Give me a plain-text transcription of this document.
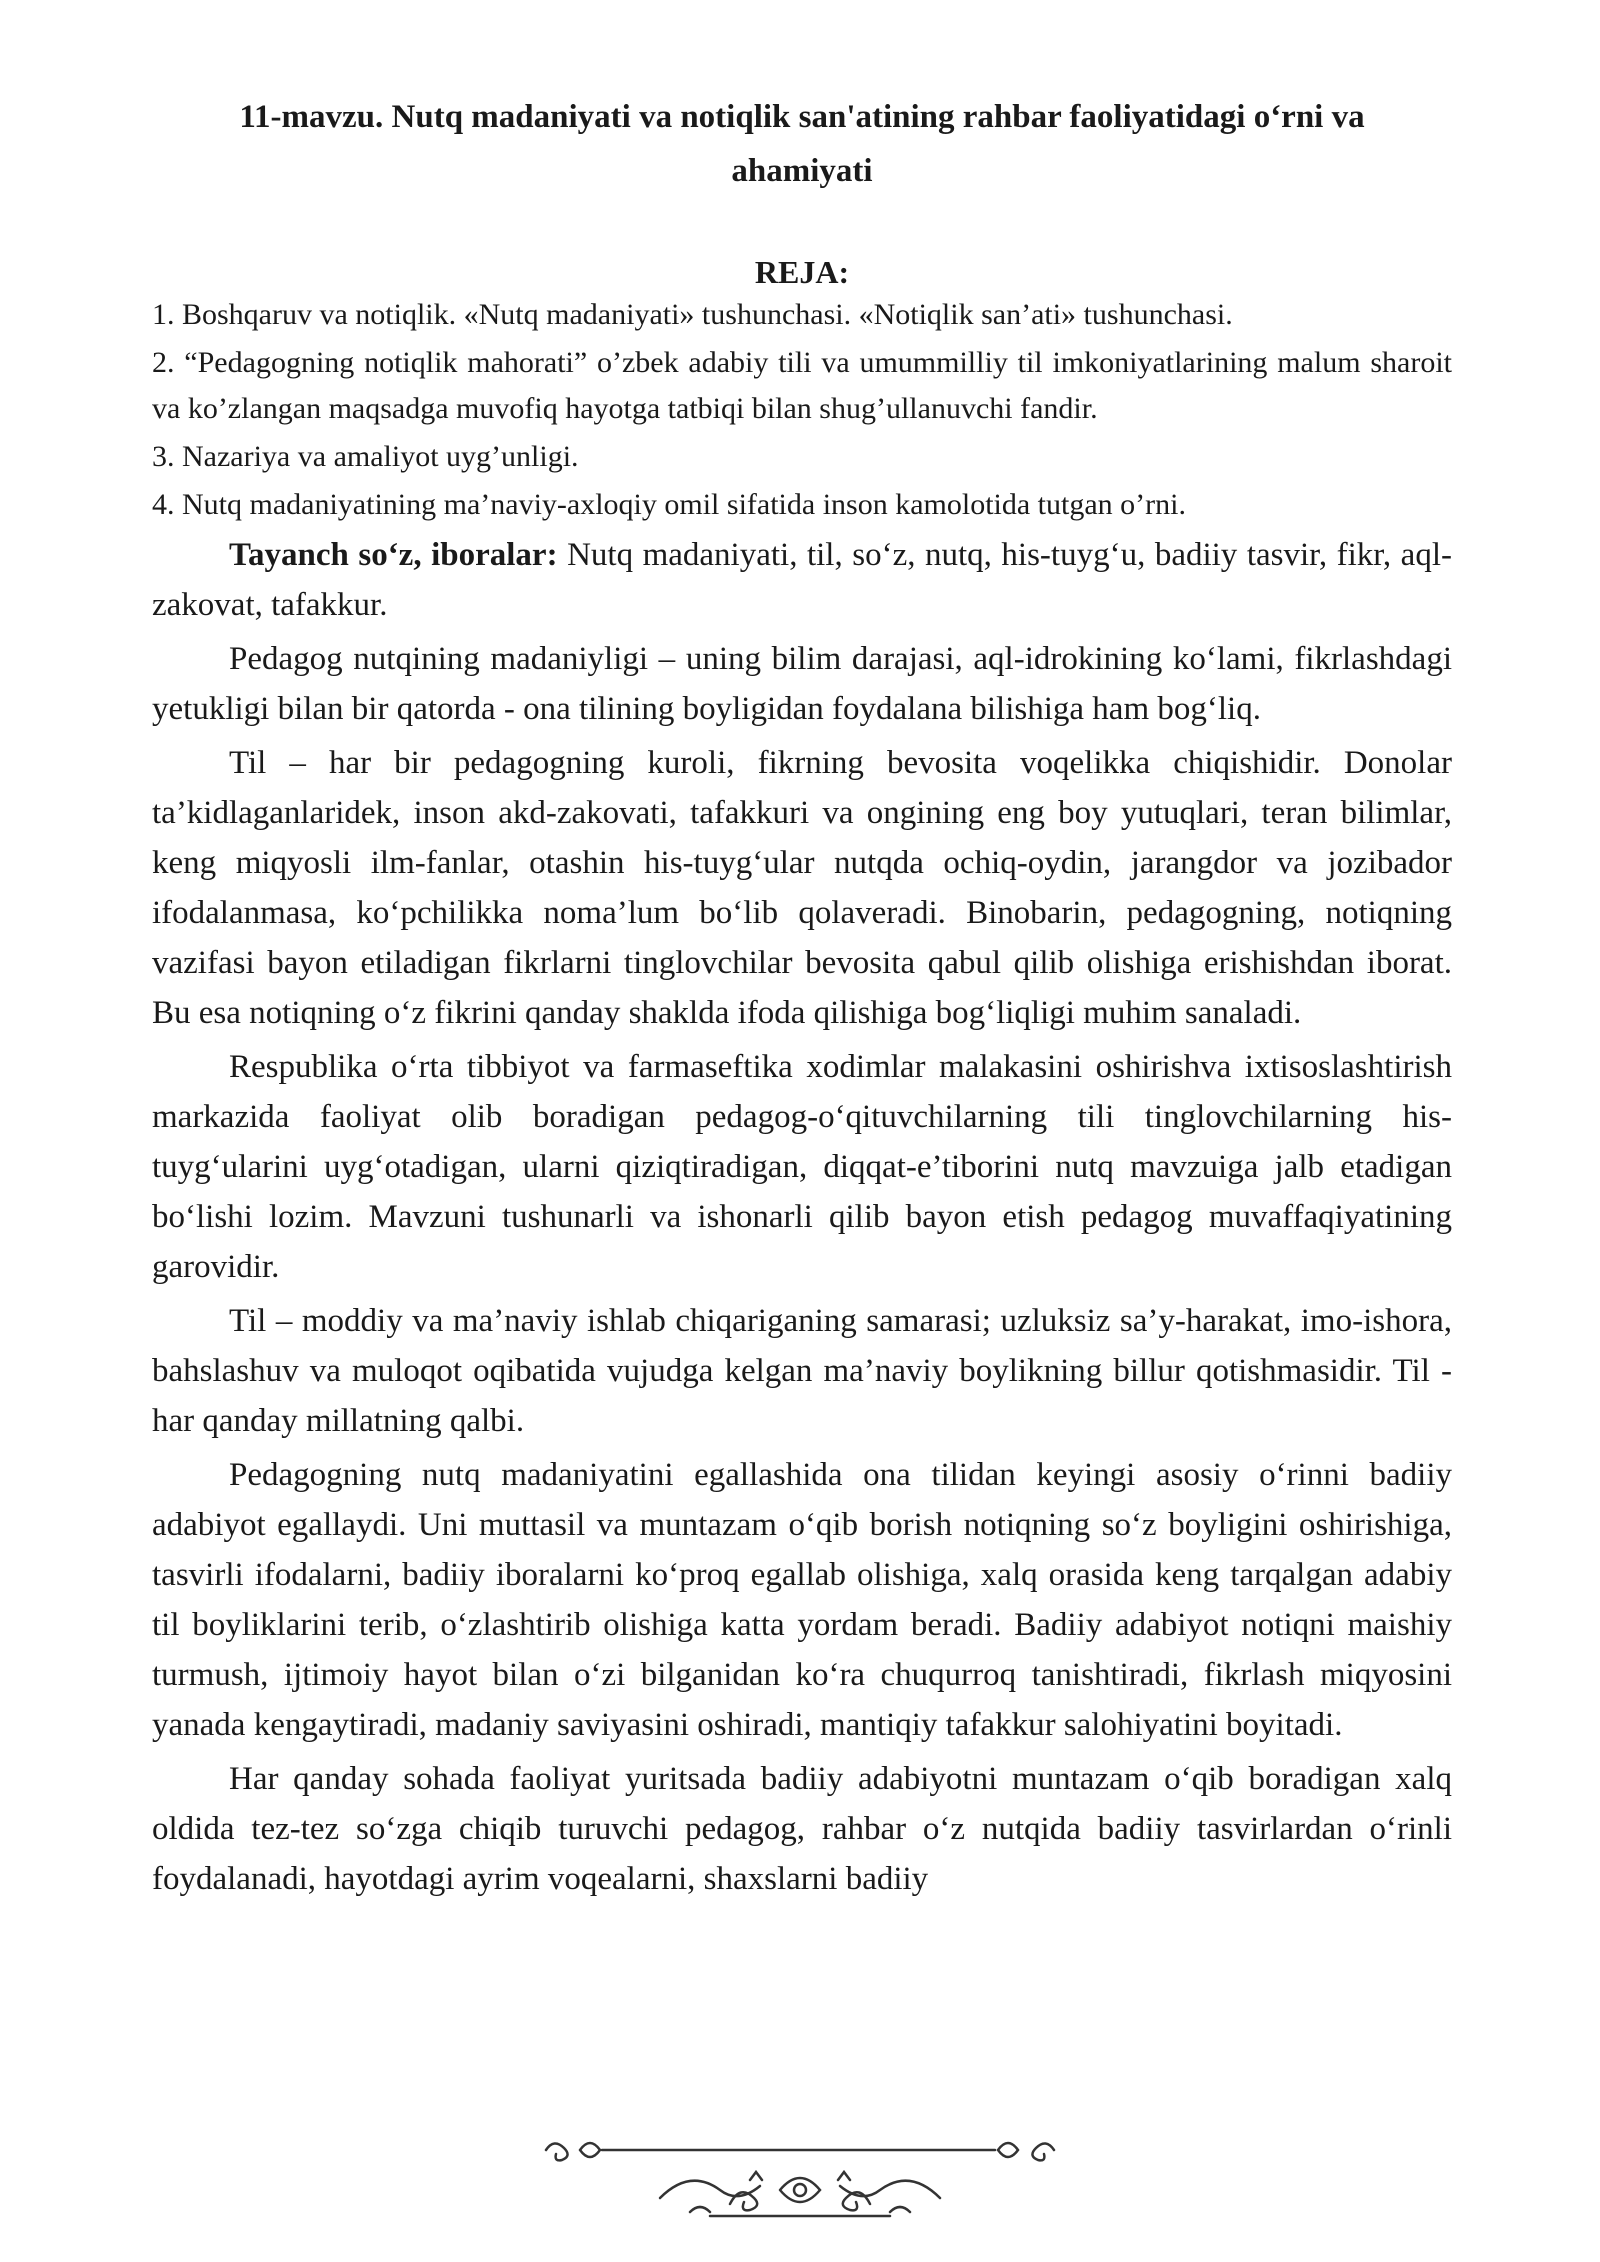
11-mavzu. Nutq madaniyati va notiqlik san'atining rahbar faoliyatidagi o‘rni va ahamiyati
REJA:
1. Boshqaruv va notiqlik. «Nutq madaniyati» tushunchasi. «Notiqlik san’ati» tushunchasi.
2. “Pedagogning notiqlik mahorati” o’zbek adabiy tili va umummilliy til imkoniyatlarining malum sharoit va ko’zlangan maqsadga muvofiq hayotga tatbiqi bilan shug’ullanuvchi fandir.
3. Nazariya va amaliyot uyg’unligi.
4. Nutq madaniyatining ma’naviy-axloqiy omil sifatida inson kamolotida tutgan o’rni.

Tayanch so‘z, iboralar: Nutq madaniyati, til, so‘z, nutq, his-tuyg‘u, badiiy tasvir, fikr, aql-zakovat, tafakkur.

Pedagog nutqining madaniyligi – uning bilim darajasi, aql-idrokining ko‘lami, fikrlashdagi yetukligi bilan bir qatorda - ona tilining boyligidan foydalana bilishiga ham bog‘liq.

Til – har bir pedagogning kuroli, fikrning bevosita voqelikka chiqishidir. Donolar ta’kidlaganlaridek, inson akd-zakovati, tafakkuri va ongining eng boy yutuqlari, teran bilimlar, keng miqyosli ilm-fanlar, otashin his-tuyg‘ular nutqda ochiq-oydin, jarangdor va jozibador ifodalanmasa, ko‘pchilikka noma’lum bo‘lib qolaveradi. Binobarin, pedagogning, notiqning vazifasi bayon etiladigan fikrlarni tinglovchilar bevosita qabul qilib olishiga erishishdan iborat. Bu esa notiqning o‘z fikrini qanday shaklda ifoda qilishiga bog‘liqligi muhim sanaladi.

Respublika o‘rta tibbiyot va farmaseftika xodimlar malakasini oshirishva ixtisoslashtirish markazida faoliyat olib boradigan pedagog-o‘qituvchilarning tili tinglovchilarning his-tuyg‘ularini uyg‘otadigan, ularni qiziqtiradigan, diqqat-e’tiborini nutq mavzuiga jalb etadigan bo‘lishi lozim. Mavzuni tushunarli va ishonarli qilib bayon etish pedagog muvaffaqiyatining garovidir.

Til – moddiy va ma’naviy ishlab chiqariganing samarasi; uzluksiz sa’y-harakat, imo-ishora, bahslashuv va muloqot oqibatida vujudga kelgan ma’naviy boylikning billur qotishmasidir. Til - har qanday millatning qalbi.

Pedagogning nutq madaniyatini egallashida ona tilidan keyingi asosiy o‘rinni badiiy adabiyot egallaydi. Uni muttasil va muntazam o‘qib borish notiqning so‘z boyligini oshirishiga, tasvirli ifodalarni, badiiy iboralarni ko‘proq egallab olishiga, xalq orasida keng tarqalgan adabiy til boyliklarini terib, o‘zlashtirib olishiga katta yordam beradi. Badiiy adabiyot notiqni maishiy turmush, ijtimoiy hayot bilan o‘zi bilganidan ko‘ra chuqurroq tanishtiradi, fikrlash miqyosini yanada kengaytiradi, madaniy saviyasini oshiradi, mantiqiy tafakkur salohiyatini boyitadi.

Har qanday sohada faoliyat yuritsada badiiy adabiyotni muntazam o‘qib boradigan xalq oldida tez-tez so‘zga chiqib turuvchi pedagog, rahbar o‘z nutqida badiiy tasvirlardan o‘rinli foydalanadi, hayotdagi ayrim voqealarni, shaxslarni badiiy
